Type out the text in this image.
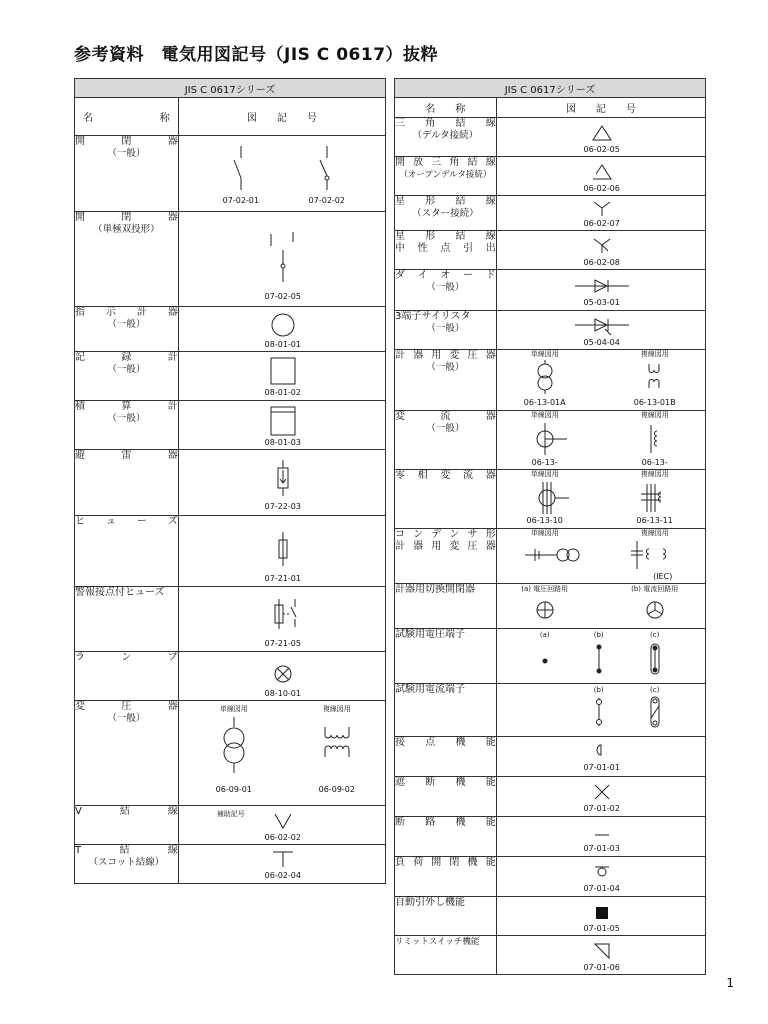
参考資料　電気用図記号（JIS C 0617）抜粋
JIS C 0617シリーズ	

名　　　　称	図　　記　　号

開　閉　器
（一般）	07-02-01 07-02-02

開　閉　器
（単極双投形）	07-02-05

指　示　計　器
（一般）	08-01-01

記　　録　　計
（一般）	08-01-02

積　　算　　計
（一般）	08-01-03

避　雷　器	07-22-03

ヒ　ュ　ー　ズ	07-21-01

警報接点付ヒューズ	07-21-05

ラ　　ン　　プ	08-10-01

変　圧　器
（一般）	単線図用 複線図用
06-09-01 06-09-02

V　　結　　線	補助記号
06-02-02

T　　結　　線
（スコット結線）	06-02-04
JIS C 0617シリーズ	
名　　称	図　　記　　号

三　角　結　線
（デルタ接続）	06-02-05

開 放 三 角 結 線
（オープンデルタ接続）	06-02-06

星　形　結　線
（スター接続）	06-02-07

星　形　結　線
中　性　点　引　出	06-02-08

ダ　イ　オ　ー　ド
（一般）	05-03-01

3端子サイリスタ
（一般）	05-04-04

計 器 用 変 圧 器
（一般）	単線図用 複線図用
06-13-01A 06-13-01B

変　　流　　器
（一般）	単線図用 複線図用
06-13- 06-13-

零　相　変　流　器	単線図用 複線図用
06-13-10 06-13-11

コ ン デ ン サ 形
計 器 用 変 圧 器	単線図用 複線図用
(IEC)

計器用切換開閉器	(a) 電圧回路用 (b) 電流回路用

試験用電圧端子	(a) (b) (c)

試験用電流端子	(b) (c)

接　点　機　能	07-01-01

遮　断　機　能	07-01-02

断　路　機　能	07-01-03

負 荷 開 閉 機 能	07-01-04

自動引外し機能	07-01-05

リミットスイッチ機能	07-01-06
1
